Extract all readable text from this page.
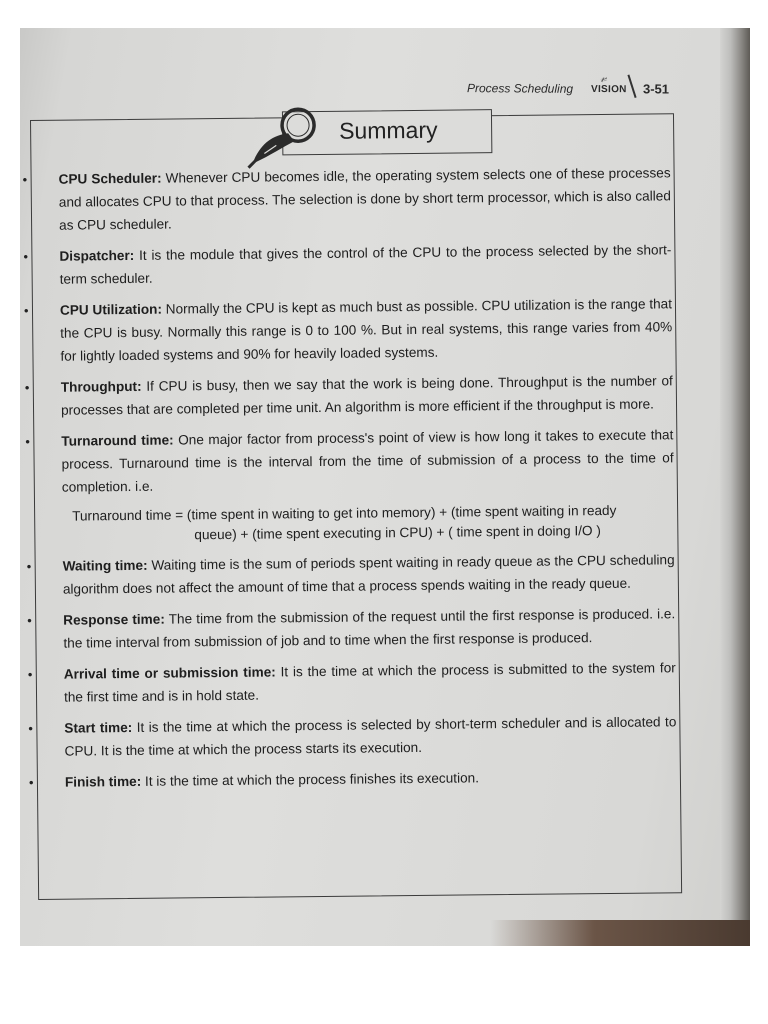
Process Scheduling
𝓋
VISION 3-51
Summary
• CPU Scheduler: Whenever CPU becomes idle, the operating system selects one of these processes and allocates CPU to that process. The selection is done by short term processor, which is also called as CPU scheduler.
• Dispatcher: It is the module that gives the control of the CPU to the process selected by the short-term scheduler.
• CPU Utilization: Normally the CPU is kept as much bust as possible. CPU utilization is the range that the CPU is busy. Normally this range is 0 to 100 %. But in real systems, this range varies from 40% for lightly loaded systems and 90% for heavily loaded systems.
• Throughput: If CPU is busy, then we say that the work is being done. Throughput is the number of processes that are completed per time unit. An algorithm is more efficient if the throughput is more.
• Turnaround time: One major factor from process's point of view is how long it takes to execute that process. Turnaround time is the interval from the time of submission of a process to the time of completion. i.e.
Turnaround time = (time spent in waiting to get into memory) + (time spent waiting in ready
queue) + (time spent executing in CPU) + ( time spent in doing I/O )
• Waiting time: Waiting time is the sum of periods spent waiting in ready queue as the CPU scheduling algorithm does not affect the amount of time that a process spends waiting in the ready queue.
• Response time: The time from the submission of the request until the first response is produced. i.e. the time interval from submission of job and to time when the first response is produced.
• Arrival time or submission time: It is the time at which the process is submitted to the system for the first time and is in hold state.
• Start time: It is the time at which the process is selected by short-term scheduler and is allocated to CPU. It is the time at which the process starts its execution.
• Finish time: It is the time at which the process finishes its execution.
